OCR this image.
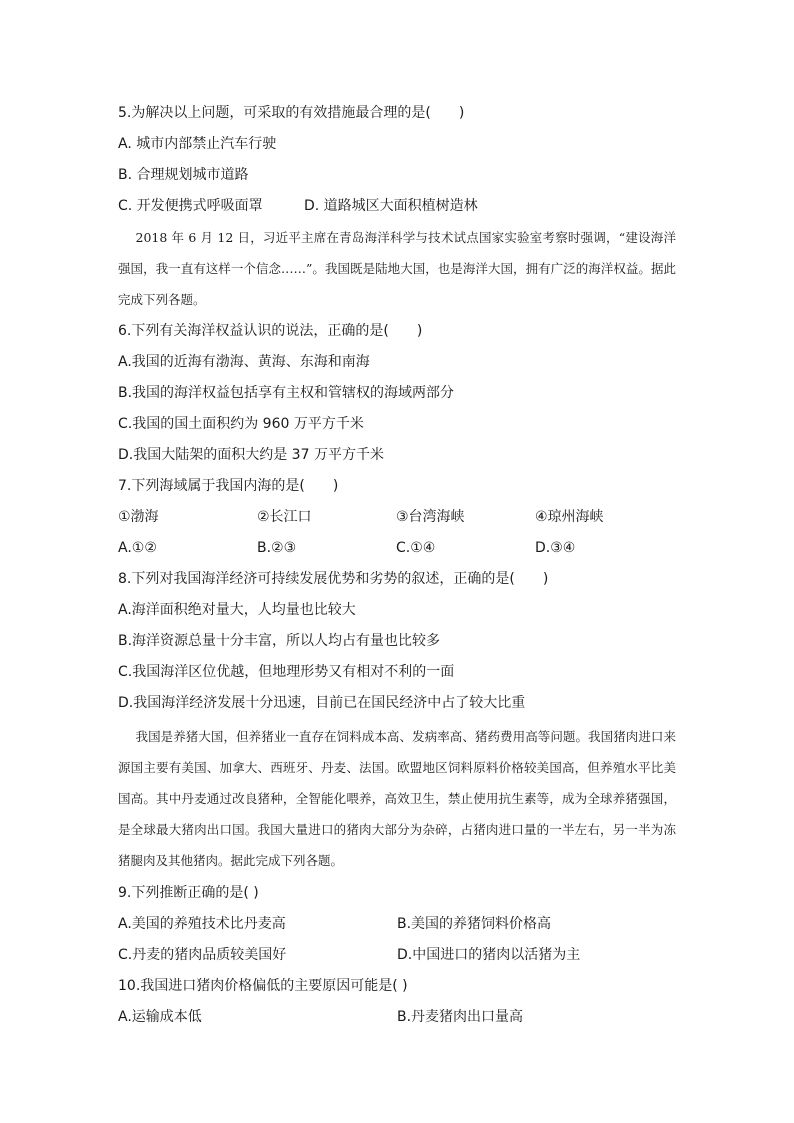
5.为解决以上问题，可采取的有效措施最合理的是(　　)
A. 城市内部禁止汽车行驶
B. 合理规划城市道路
C. 开发便携式呼吸面罩	D. 道路城区大面积植树造林
2018 年 6 月 12 日，习近平主席在青岛海洋科学与技术试点国家实验室考察时强调，“建设海洋强国，我一直有这样一个信念……”。我国既是陆地大国，也是海洋大国，拥有广泛的海洋权益。据此完成下列各题。
6.下列有关海洋权益认识的说法，正确的是(　　)
A.我国的近海有渤海、黄海、东海和南海
B.我国的海洋权益包括享有主权和管辖权的海域两部分
C.我国的国土面积约为 960 万平方千米
D.我国大陆架的面积大约是 37 万平方千米
7.下列海域属于我国内海的是(　　)
①渤海	②长江口	③台湾海峡	④琼州海峡
A.①②	B.②③	C.①④	D.③④
8.下列对我国海洋经济可持续发展优势和劣势的叙述，正确的是(　　)
A.海洋面积绝对量大，人均量也比较大
B.海洋资源总量十分丰富，所以人均占有量也比较多
C.我国海洋区位优越，但地理形势又有相对不利的一面
D.我国海洋经济发展十分迅速，目前已在国民经济中占了较大比重
我国是养猪大国，但养猪业一直存在饲料成本高、发病率高、猪药费用高等问题。我国猪肉进口来源国主要有美国、加拿大、西班牙、丹麦、法国。欧盟地区饲料原料价格较美国高，但养殖水平比美国高。其中丹麦通过改良猪种，全智能化喂养，高效卫生，禁止使用抗生素等，成为全球养猪强国，是全球最大猪肉出口国。我国大量进口的猪肉大部分为杂碎，占猪肉进口量的一半左右，另一半为冻猪腿肉及其他猪肉。据此完成下列各题。
9.下列推断正确的是( )
A.美国的养殖技术比丹麦高	B.美国的养猪饲料价格高
C.丹麦的猪肉品质较美国好	D.中国进口的猪肉以活猪为主
10.我国进口猪肉价格偏低的主要原因可能是( )
A.运输成本低	B.丹麦猪肉出口量高
